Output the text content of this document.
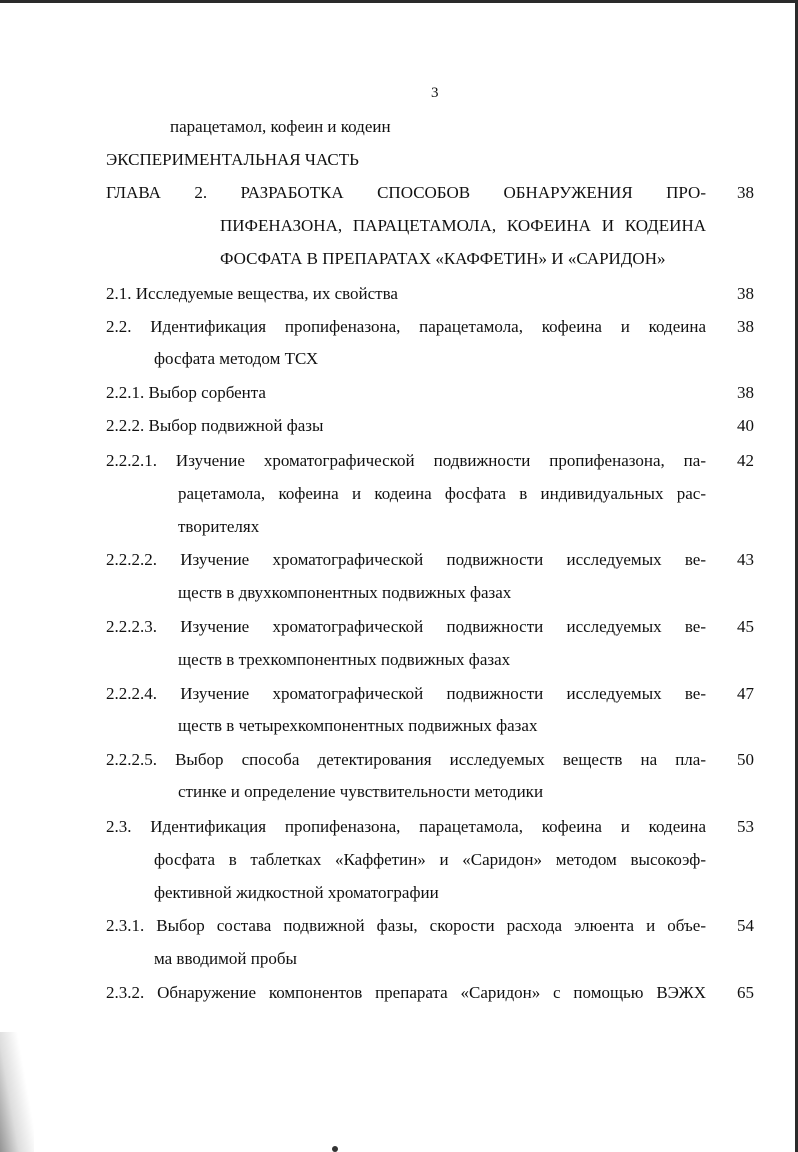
3
парацетамол, кофеин и кодеин
ЭКСПЕРИМЕНТАЛЬНАЯ ЧАСТЬ
ГЛАВА 2. РАЗРАБОТКА СПОСОБОВ ОБНАРУЖЕНИЯ ПРО-	38
ПИФЕНАЗОНА, ПАРАЦЕТАМОЛА, КОФЕИНА И КОДЕИНА
ФОСФАТА В ПРЕПАРАТАХ «КАФФЕТИН» И «САРИДОН»
2.1. Исследуемые вещества, их свойства	38
2.2. Идентификация пропифеназона, парацетамола, кофеина и кодеина	38
фосфата методом ТСХ
2.2.1. Выбор сорбента	38
2.2.2. Выбор подвижной фазы	40
2.2.2.1. Изучение хроматографической подвижности пропифеназона, па-	42
рацетамола, кофеина и кодеина фосфата в индивидуальных рас-
творителях
2.2.2.2. Изучение хроматографической подвижности исследуемых ве-	43
ществ в двухкомпонентных подвижных фазах
2.2.2.3. Изучение хроматографической подвижности исследуемых ве-	45
ществ в трехкомпонентных подвижных фазах
2.2.2.4. Изучение хроматографической подвижности исследуемых ве-	47
ществ в четырехкомпонентных подвижных фазах
2.2.2.5. Выбор способа детектирования исследуемых веществ на пла-	50
стинке и определение чувствительности методики
2.3. Идентификация пропифеназона, парацетамола, кофеина и кодеина	53
фосфата в таблетках «Каффетин» и «Саридон» методом высокоэф-
фективной жидкостной хроматографии
2.3.1. Выбор состава подвижной фазы, скорости расхода элюента и объе-	54
ма вводимой пробы
2.3.2. Обнаружение компонентов препарата «Саридон» с помощью ВЭЖХ	65
